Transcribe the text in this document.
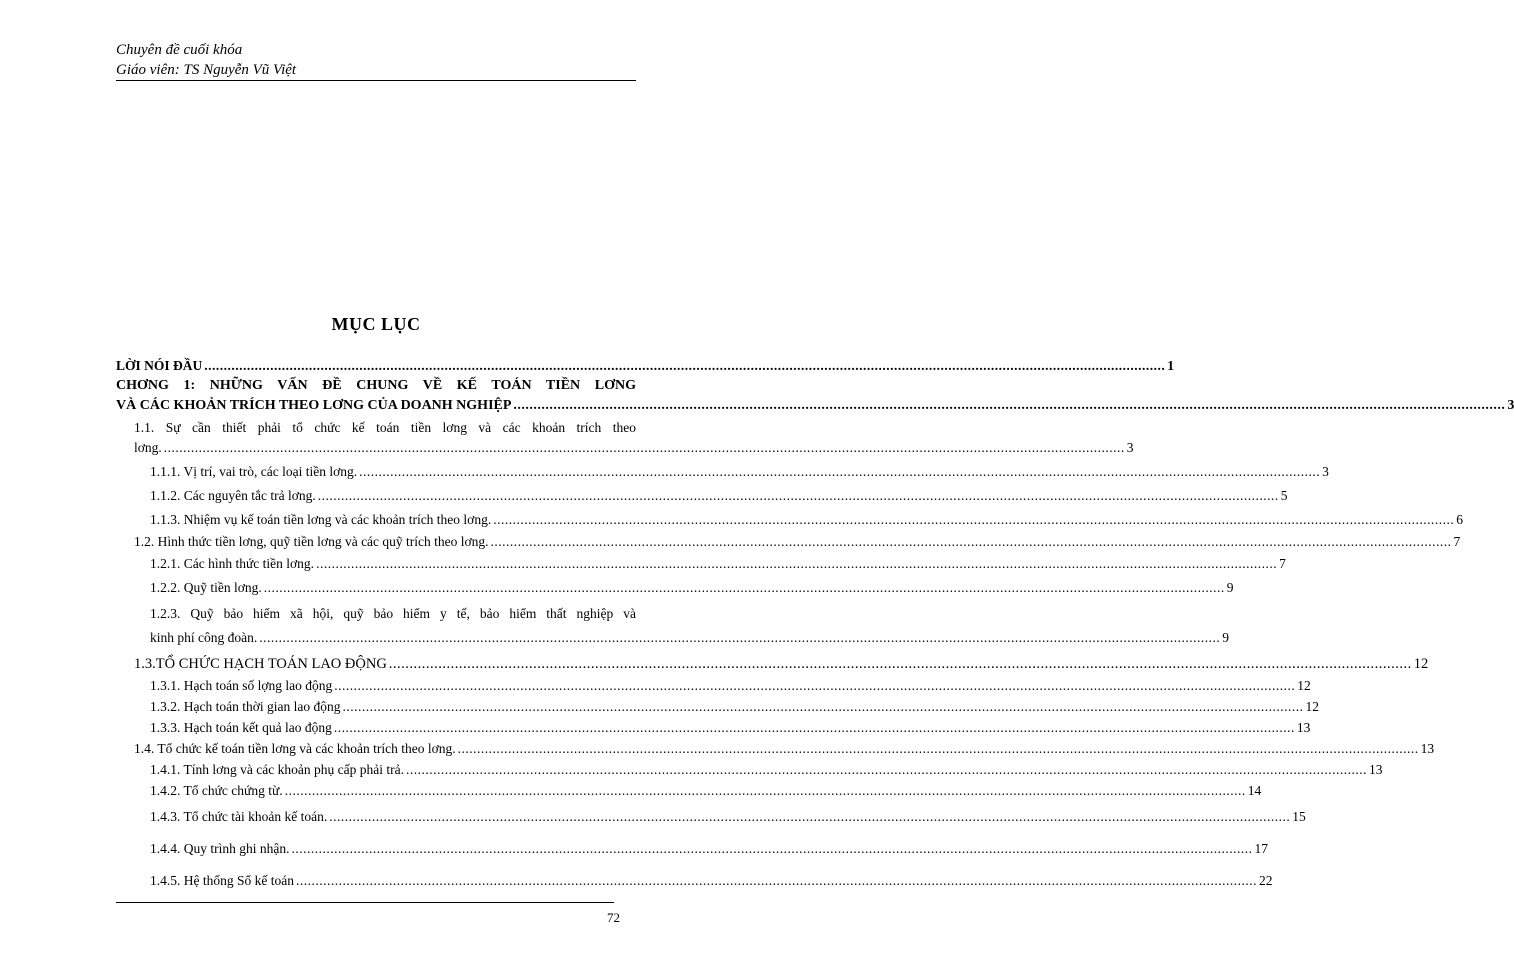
Chuyên đề cuối khóa
Giáo viên: TS Nguyễn Vũ Việt
MỤC LỤC
LỜI NÓI ĐẦU .....	1
CHƠNG 1: NHỮNG VẤN ĐỀ CHUNG VỀ KẾ TOÁN TIỀN LƠNG
VÀ CÁC KHOẢN TRÍCH THEO LƠNG CỦA DOANH NGHIỆP .....	3
1.1. Sự cần thiết phải tổ chức kế toán tiền lơng và các khoản trích theo
lơng. .....	3
1.1.1. Vị trí, vai trò, các loại tiền lơng. .....	3
1.1.2. Các nguyên tắc trả lơng. .....	5
1.1.3. Nhiệm vụ kế toán tiền lơng và các khoản trích theo lơng. .....	6
1.2. Hình thức tiền lơng, quỹ tiền lơng và các quỹ trích theo lơng. .....	7
1.2.1. Các hình thức tiền lơng. .....	7
1.2.2. Quỹ tiền lơng. .....	9
1.2.3. Quỹ bảo hiểm xã hội, quỹ bảo hiểm y tế, bảo hiểm thất nghiệp và
kinh phí công đoàn. .....	9
1.3.TỔ CHỨC HẠCH TOÁN LAO ĐỘNG .....	12
1.3.1. Hạch toán số lợng lao động .....	12
1.3.2. Hạch toán thời gian lao động .....	12
1.3.3. Hạch toán kết quả lao động .....	13
1.4. Tổ chức kế toán tiền lơng và các khoản trích theo lơng. .....	13
1.4.1. Tính lơng và các khoản phụ cấp phải trả. .....	13
1.4.2. Tổ chức chứng từ. .....	14
1.4.3. Tổ chức tài khoản kế toán. .....	15
1.4.4. Quy trình ghi nhận. .....	17
1.4.5. Hệ thống Sổ kế toán .....	22
72
